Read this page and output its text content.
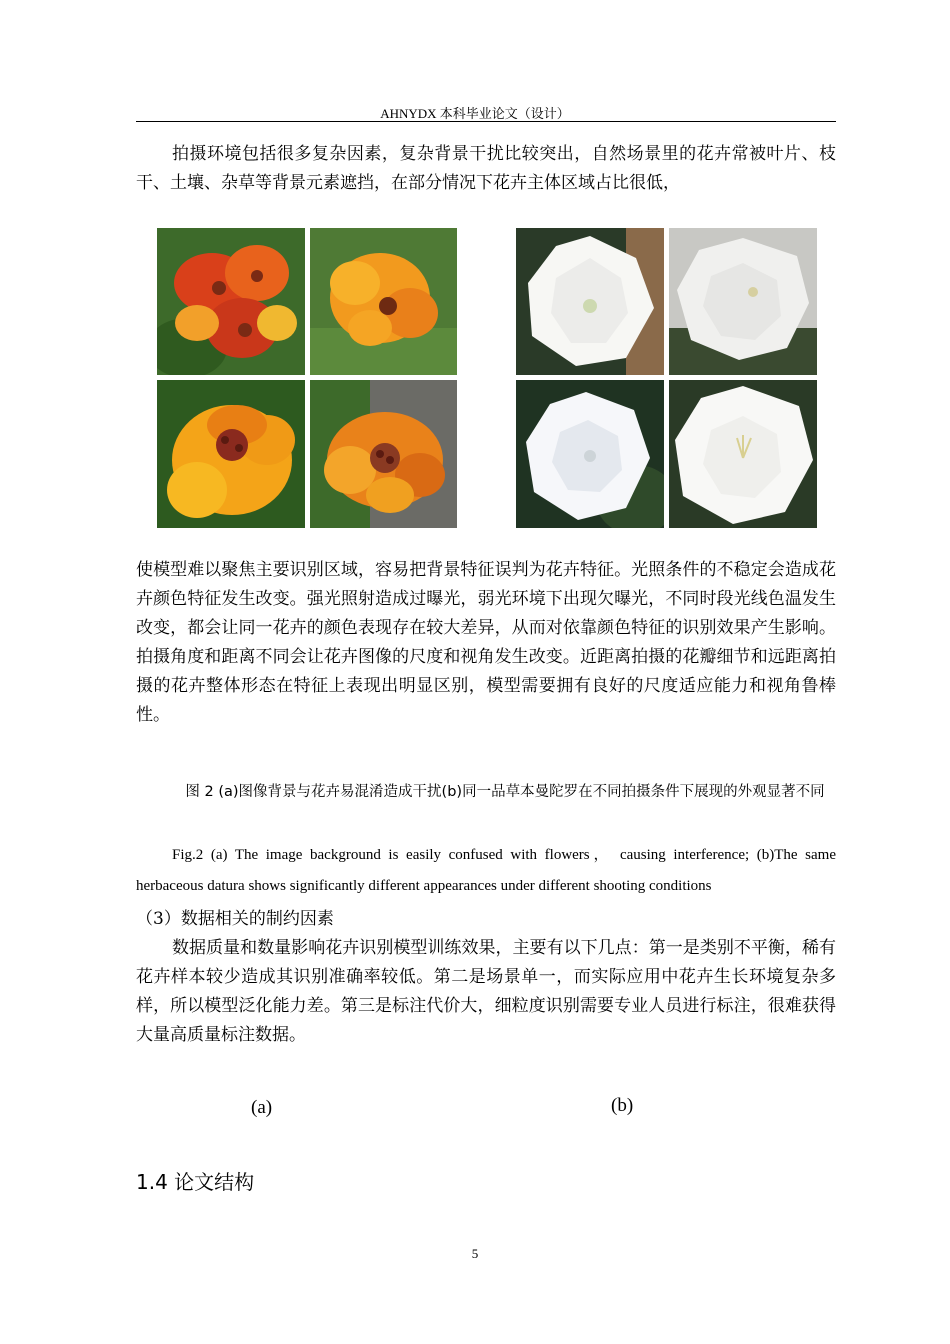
AHNYDX 本科毕业论文（设计）

拍摄环境包括很多复杂因素，复杂背景干扰比较突出，自然场景里的花卉常被叶片、枝干、土壤、杂草等背景元素遮挡，在部分情况下花卉主体区域占比很低，

使模型难以聚焦主要识别区域，容易把背景特征误判为花卉特征。光照条件的不稳定会造成花卉颜色特征发生改变。强光照射造成过曝光，弱光环境下出现欠曝光，不同时段光线色温发生改变，都会让同一花卉的颜色表现存在较大差异，从而对依靠颜色特征的识别效果产生影响。拍摄角度和距离不同会让花卉图像的尺度和视角发生改变。近距离拍摄的花瓣细节和远距离拍摄的花卉整体形态在特征上表现出明显区别，模型需要拥有良好的尺度适应能力和视角鲁棒性。

图 2 (a)图像背景与花卉易混淆造成干扰(b)同一品草本曼陀罗在不同拍摄条件下展现的外观显著不同
Fig.2 (a) The image background is easily confused with flowers， causing interference; (b)The same herbaceous datura shows significantly different appearances under different shooting conditions

（3）数据相关的制约因素

数据质量和数量影响花卉识别模型训练效果，主要有以下几点：第一是类别不平衡，稀有花卉样本较少造成其识别准确率较低。第二是场景单一，而实际应用中花卉生长环境复杂多样，所以模型泛化能力差。第三是标注代价大，细粒度识别需要专业人员进行标注，很难获得大量高质量标注数据。

(a)	(b)
1.4 论文结构
5
